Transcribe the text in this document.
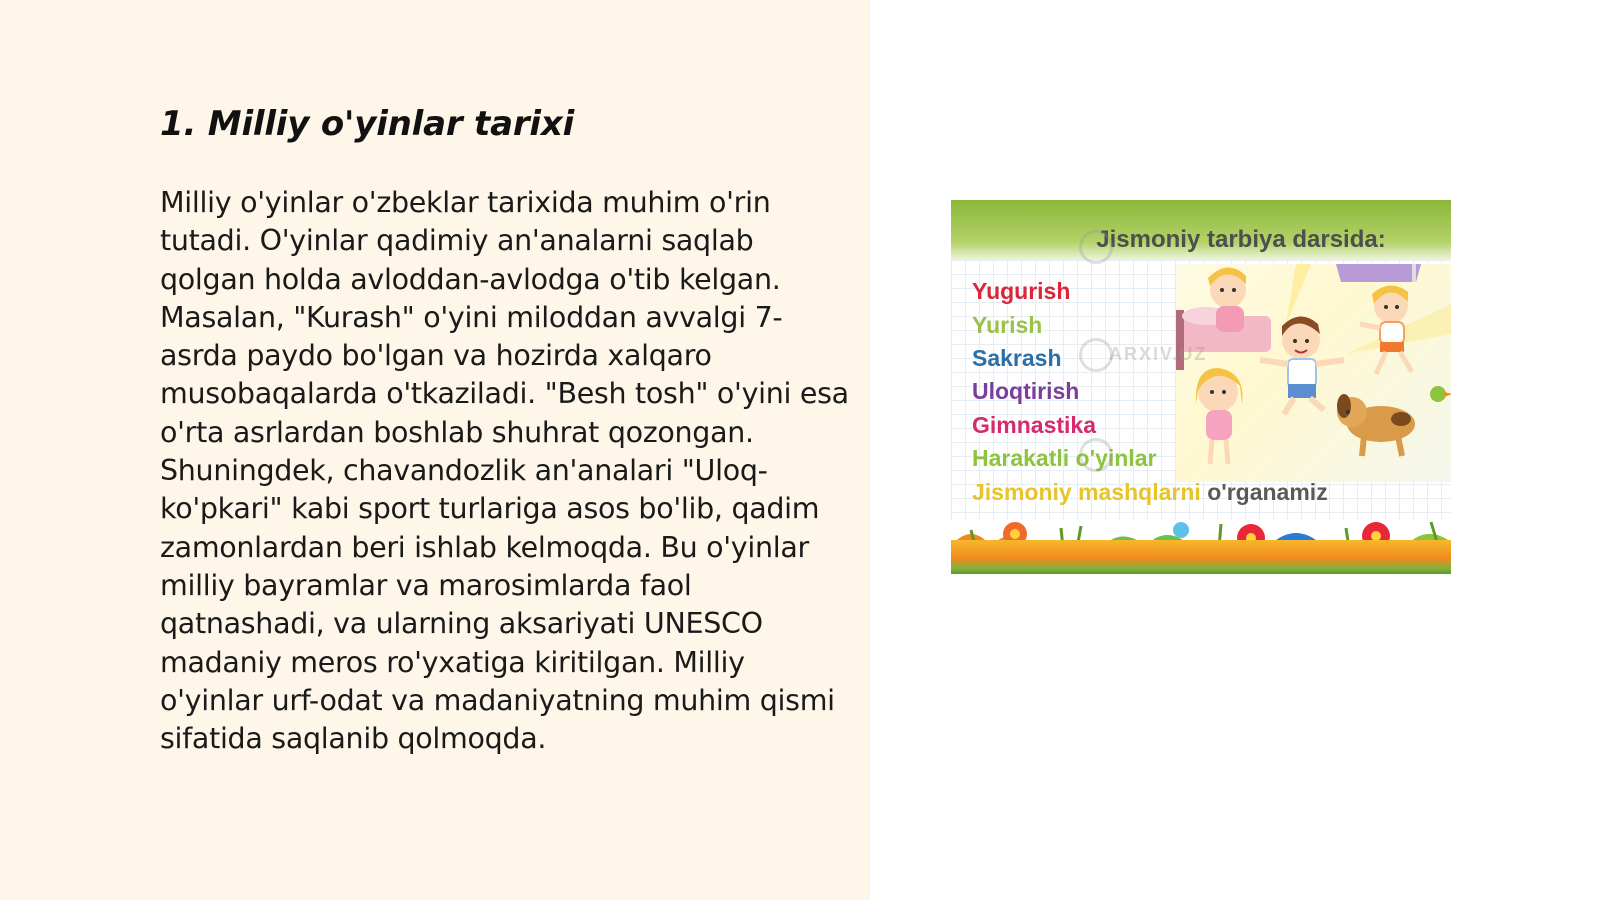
1. Milliy o'yinlar tarixi

Milliy o'yinlar o'zbeklar tarixida muhim o'rin tutadi. O'yinlar qadimiy an'analarni saqlab qolgan holda avloddan-avlodga o'tib kelgan. Masalan, "Kurash" o'yini miloddan avvalgi 7-asrda paydo bo'lgan va hozirda xalqaro musobaqalarda o'tkaziladi. "Besh tosh" o'yini esa o'rta asrlardan boshlab shuhrat qozongan. Shuningdek, chavandozlik an'analari "Uloq-ko'pkari" kabi sport turlariga asos bo'lib, qadim zamonlardan beri ishlab kelmoqda. Bu o'yinlar milliy bayramlar va marosimlarda faol qatnashadi, va ularning aksariyati UNESCO madaniy meros ro'yxatiga kiritilgan. Milliy o'yinlar urf-odat va madaniyatning muhim qismi sifatida saqlanib qolmoqda.

Jismoniy tarbiya darsida:
Yugurish
Yurish
Sakrash
Uloqtirish
Gimnastika
Harakatli o'yinlar
Jismoniy mashqlarni o'rganamiz
ARXIV.UZ
